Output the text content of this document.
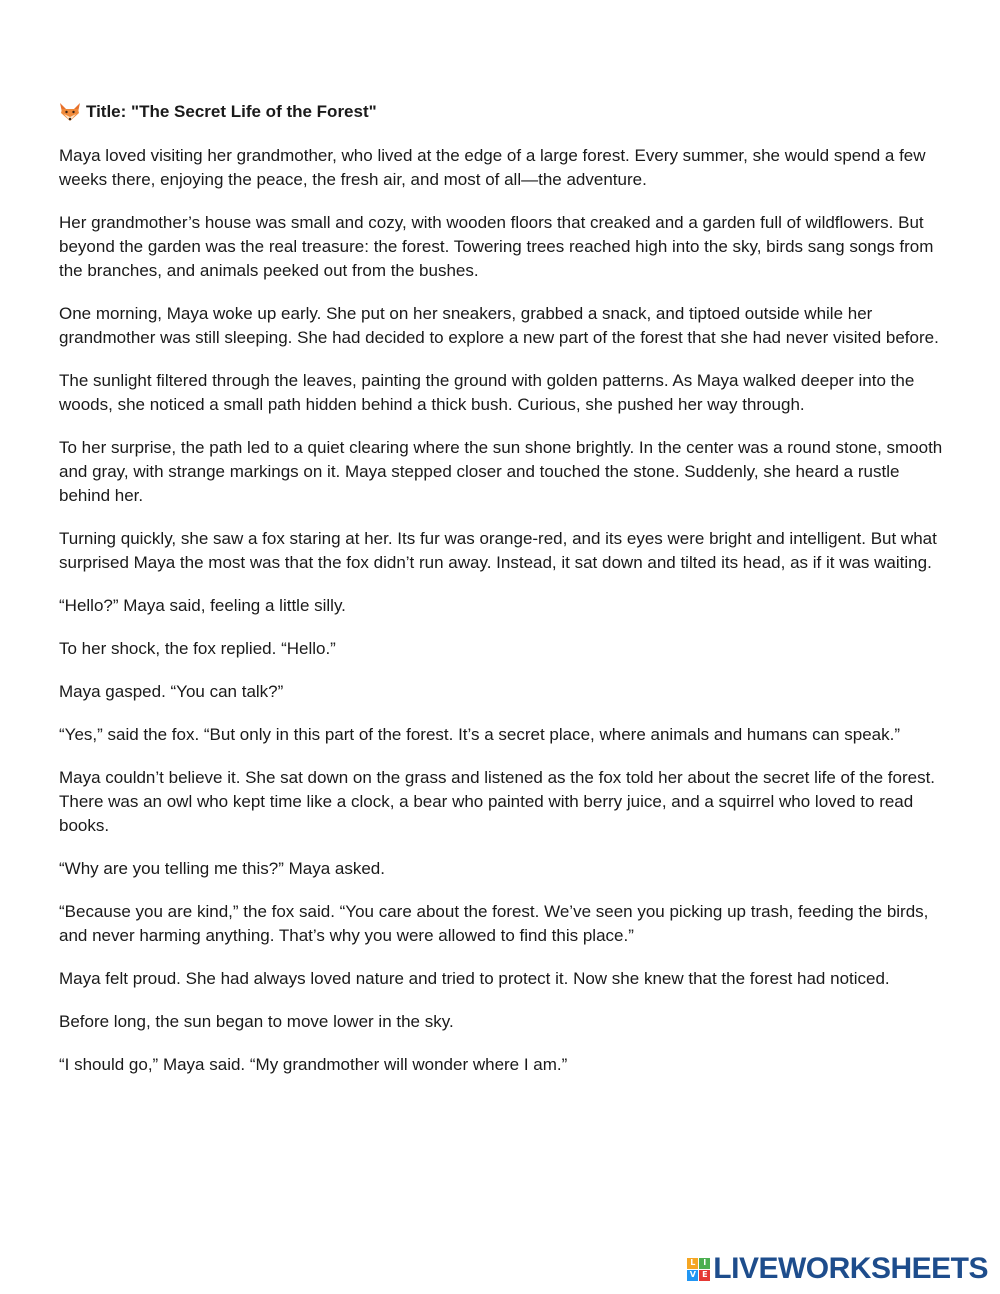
Title: "The Secret Life of the Forest"

Maya loved visiting her grandmother, who lived at the edge of a large forest. Every summer, she would spend a few weeks there, enjoying the peace, the fresh air, and most of all—the adventure.

Her grandmother’s house was small and cozy, with wooden floors that creaked and a garden full of wildflowers. But beyond the garden was the real treasure: the forest. Towering trees reached high into the sky, birds sang songs from the branches, and animals peeked out from the bushes.

One morning, Maya woke up early. She put on her sneakers, grabbed a snack, and tiptoed outside while her grandmother was still sleeping. She had decided to explore a new part of the forest that she had never visited before.

The sunlight filtered through the leaves, painting the ground with golden patterns. As Maya walked deeper into the woods, she noticed a small path hidden behind a thick bush. Curious, she pushed her way through.

To her surprise, the path led to a quiet clearing where the sun shone brightly. In the center was a round stone, smooth and gray, with strange markings on it. Maya stepped closer and touched the stone. Suddenly, she heard a rustle behind her.

Turning quickly, she saw a fox staring at her. Its fur was orange-red, and its eyes were bright and intelligent. But what surprised Maya the most was that the fox didn’t run away. Instead, it sat down and tilted its head, as if it was waiting.

“Hello?” Maya said, feeling a little silly.

To her shock, the fox replied. “Hello.”

Maya gasped. “You can talk?”

“Yes,” said the fox. “But only in this part of the forest. It’s a secret place, where animals and humans can speak.”

Maya couldn’t believe it. She sat down on the grass and listened as the fox told her about the secret life of the forest. There was an owl who kept time like a clock, a bear who painted with berry juice, and a squirrel who loved to read books.

“Why are you telling me this?” Maya asked.

“Because you are kind,” the fox said. “You care about the forest. We’ve seen you picking up trash, feeding the birds, and never harming anything. That’s why you were allowed to find this place.”

Maya felt proud. She had always loved nature and tried to protect it. Now she knew that the forest had noticed.

Before long, the sun began to move lower in the sky.

“I should go,” Maya said. “My grandmother will wonder where I am.”

L I
V E LIVEWORKSHEETS
